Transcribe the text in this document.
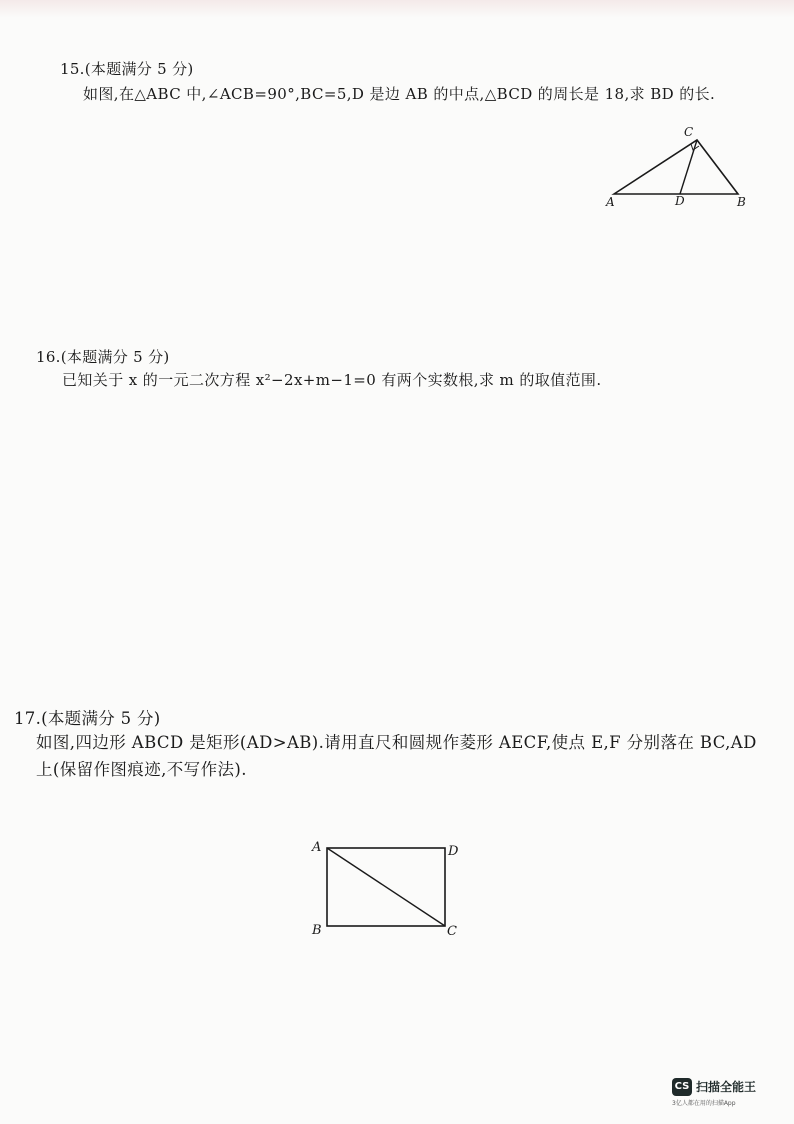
15.(本题满分 5 分)
如图,在△ABC 中,∠ACB=90°,BC=5,D 是边 AB 的中点,△BCD 的周长是 18,求 BD 的长.
C
A	D	B
16.(本题满分 5 分)
已知关于 x 的一元二次方程 x²−2x+m−1=0 有两个实数根,求 m 的取值范围.
17.(本题满分 5 分)
如图,四边形 ABCD 是矩形(AD>AB).请用直尺和圆规作菱形 AECF,使点 E,F 分别落在 BC,AD 上(保留作图痕迹,不写作法).
A	D
B	C
CS 扫描全能王
3亿人都在用的扫描App
